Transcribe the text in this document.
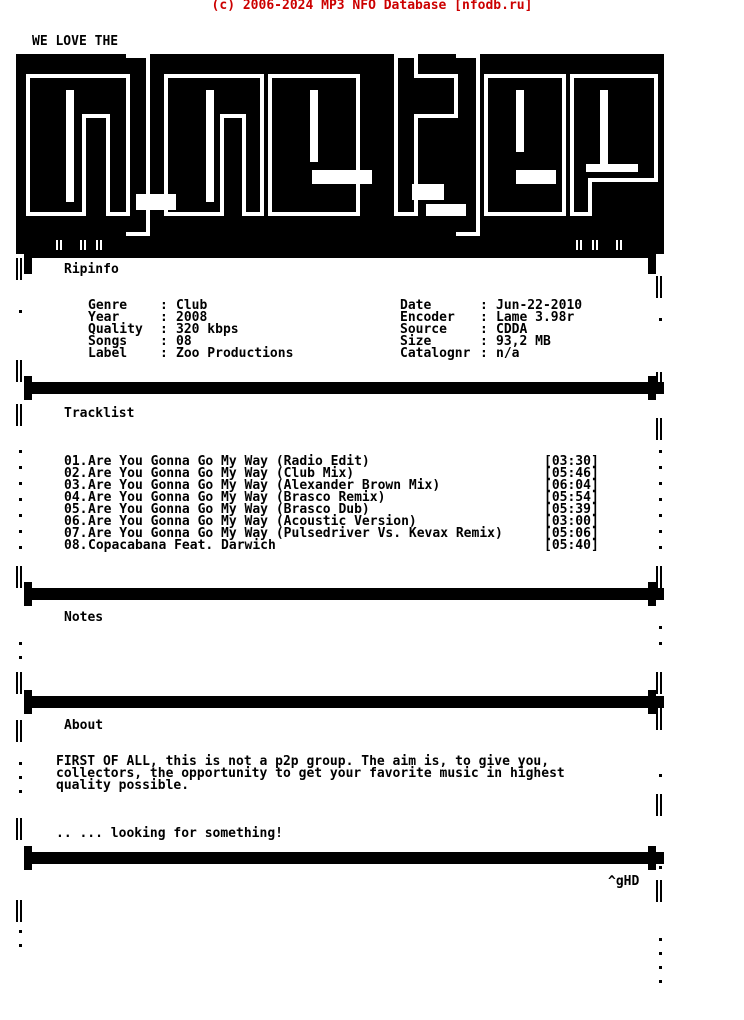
(c) 2006-2024 MP3 NFO Database [nfodb.ru]
WE LOVE THE
Ripinfo
Genre	: Club
Year	: 2008
Quality : 320 kbps
Songs	: 08
Label	: Zoo Productions
Date	: Jun-22-2010
Encoder : Lame 3.98r
Source	: CDDA
Size	: 93,2 MB
Catalognr : n/a
Tracklist
01. Are You Gonna Go My Way (Radio Edit)	[03:30]
02. Are You Gonna Go My Way (Club Mix)	[05:46]
03. Are You Gonna Go My Way (Alexander Brown Mix)	[06:04]
04. Are You Gonna Go My Way (Brasco Remix)	[05:54]
05. Are You Gonna Go My Way (Brasco Dub)	[05:39]
06. Are You Gonna Go My Way (Acoustic Version)	[03:00]
07. Are You Gonna Go My Way (Pulsedriver Vs. Kevax Remix)	[05:06]
08. Copacabana Feat. Darwich	[05:40]
Notes
About
FIRST OF ALL, this is not a p2p group. The aim is, to give you,
collectors, the opportunity to get your favorite music in highest
quality possible.
.. ... looking for something!
^gHD
